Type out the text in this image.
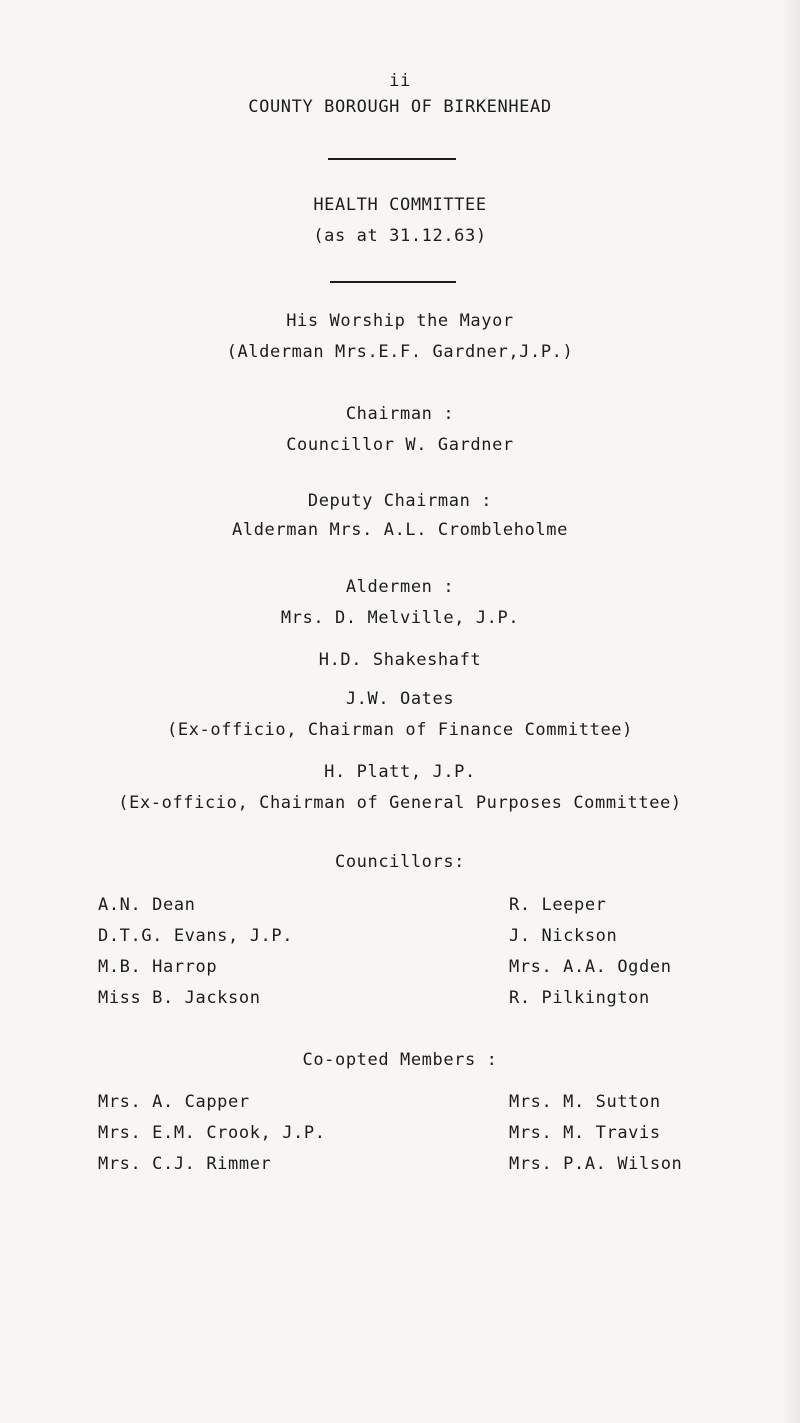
ii
COUNTY BOROUGH OF BIRKENHEAD
HEALTH COMMITTEE
(as at 31.12.63)
His Worship the Mayor
(Alderman Mrs.E.F. Gardner,J.P.)
Chairman :
Councillor W. Gardner
Deputy Chairman :
Alderman Mrs. A.L. Crombleholme
Aldermen :
Mrs. D. Melville, J.P.
H.D. Shakeshaft
J.W. Oates
(Ex-officio, Chairman of Finance Committee)
H. Platt, J.P.
(Ex-officio, Chairman of General Purposes Committee)
Councillors:
A.N. Dean
D.T.G. Evans, J.P.
M.B. Harrop
Miss B. Jackson
R. Leeper
J. Nickson
Mrs. A.A. Ogden
R. Pilkington
Co-opted Members :
Mrs. A. Capper
Mrs. E.M. Crook, J.P.
Mrs. C.J. Rimmer
Mrs. M. Sutton
Mrs. M. Travis
Mrs. P.A. Wilson
